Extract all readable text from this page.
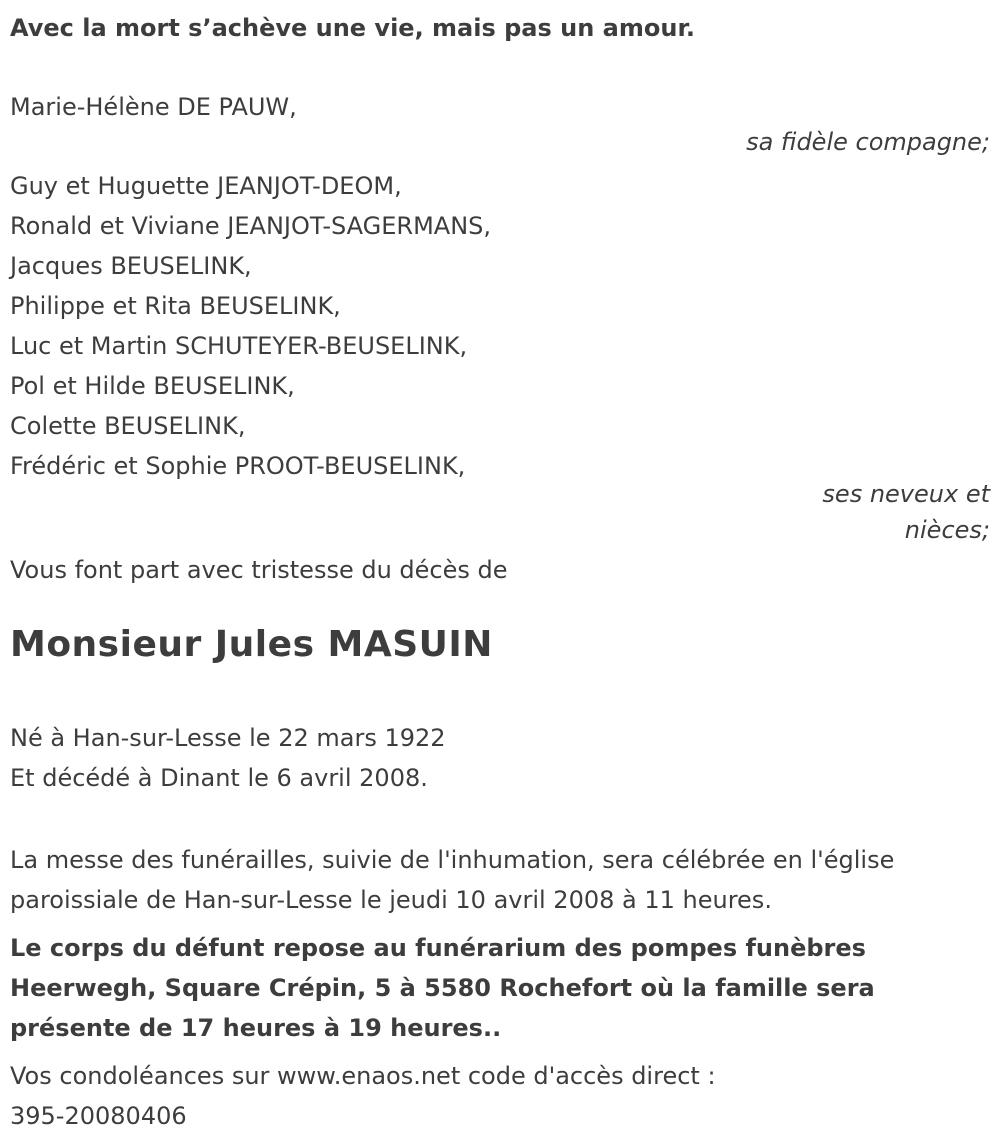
Avec la mort s’achève une vie, mais pas un amour.

Marie-Hélène DE PAUW,

sa fidèle compagne;

Guy et Huguette JEANJOT-DEOM,

Ronald et Viviane JEANJOT-SAGERMANS,

Jacques BEUSELINK,

Philippe et Rita BEUSELINK,

Luc et Martin SCHUTEYER-BEUSELINK,

Pol et Hilde BEUSELINK,

Colette BEUSELINK,

Frédéric et Sophie PROOT-BEUSELINK,

ses neveux et

nièces;

Vous font part avec tristesse du décès de

Monsieur Jules MASUIN

Né à Han-sur-Lesse le 22 mars 1922

Et décédé à Dinant le 6 avril 2008.

La messe des funérailles, suivie de l'inhumation, sera célébrée en l'église paroissiale de Han-sur-Lesse le jeudi 10 avril 2008 à 11 heures.

Le corps du défunt repose au funérarium des pompes funèbres Heerwegh, Square Crépin, 5 à 5580 Rochefort où la famille sera présente de 17 heures à 19 heures..

Vos condoléances sur www.enaos.net code d'accès direct :

395-20080406
